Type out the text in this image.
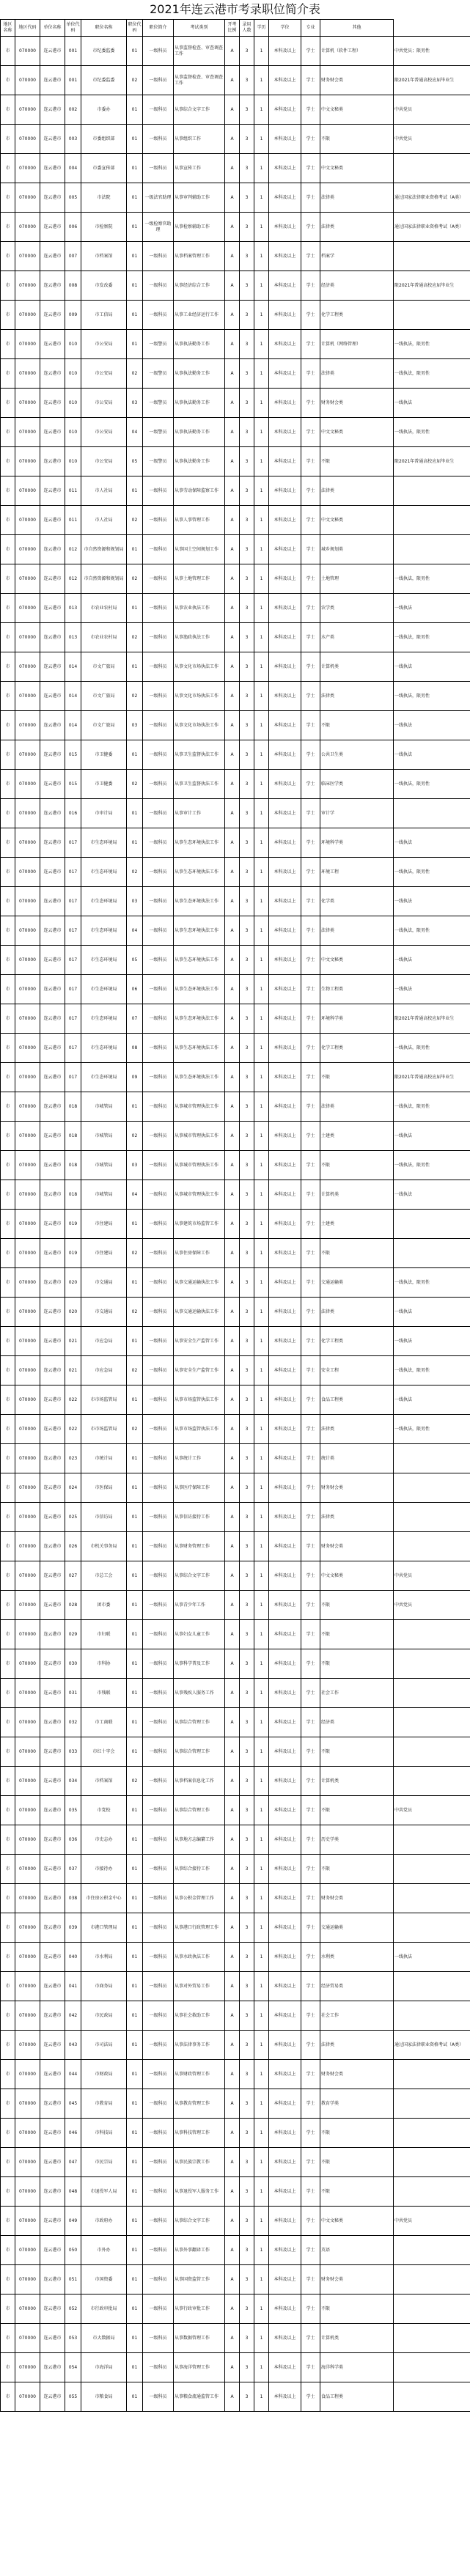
2021年连云港市考录职位简介表
地区名称	地区代码	单位名称	单位代码	职位名称	职位代码	职位简介	考试类别	开考比例	录用人数	学历	学位	专业	其他	
市	070000	连云港市	001	市纪委监委	01	一级科员	从事监督检查、审查调查工作	A	3	1	本科及以上	学士	计算机（软件工程）	中共党员；限男性
市	070000	连云港市	001	市纪委监委	02	一级科员	从事监督检查、审查调查工作	A	3	1	本科及以上	学士	财务财会类	限2021年普通高校应届毕业生
市	070000	连云港市	002	市委办	01	一级科员	从事综合文字工作	A	3	1	本科及以上	学士	中文文秘类	中共党员
市	070000	连云港市	003	市委组织部	01	一级科员	从事组织工作	A	3	1	本科及以上	学士	不限	中共党员
市	070000	连云港市	004	市委宣传部	01	一级科员	从事宣传工作	A	3	1	本科及以上	学士	中文文秘类	
市	070000	连云港市	005	市法院	01	一级法官助理	从事审判辅助工作	A	3	1	本科及以上	学士	法律类	通过国家法律职业资格考试（A类）
市	070000	连云港市	006	市检察院	01	一级检察官助理	从事检察辅助工作	A	3	1	本科及以上	学士	法律类	通过国家法律职业资格考试（A类）
市	070000	连云港市	007	市档案馆	01	一级科员	从事档案管理工作	A	3	1	本科及以上	学士	档案学	
市	070000	连云港市	008	市发改委	01	一级科员	从事经济综合工作	A	3	1	本科及以上	学士	经济类	限2021年普通高校应届毕业生
市	070000	连云港市	009	市工信局	01	一级科员	从事工业经济运行工作	A	3	1	本科及以上	学士	化学工程类	
市	070000	连云港市	010	市公安局	01	一级警员	从事执法勤务工作	A	3	1	本科及以上	学士	计算机（网络管理）	一线执法，限男性
市	070000	连云港市	010	市公安局	02	一级警员	从事执法勤务工作	A	3	1	本科及以上	学士	法律类	一线执法，限男性
市	070000	连云港市	010	市公安局	03	一级警员	从事执法勤务工作	A	3	1	本科及以上	学士	财务财会类	一线执法
市	070000	连云港市	010	市公安局	04	一级警员	从事执法勤务工作	A	3	1	本科及以上	学士	中文文秘类	一线执法，限男性
市	070000	连云港市	010	市公安局	05	一级警员	从事执法勤务工作	A	3	1	本科及以上	学士	不限	限2021年普通高校应届毕业生
市	070000	连云港市	011	市人社局	01	一级科员	从事劳动保障监察工作	A	3	1	本科及以上	学士	法律类	
市	070000	连云港市	011	市人社局	02	一级科员	从事人事管理工作	A	3	1	本科及以上	学士	中文文秘类	
市	070000	连云港市	012	市自然资源和规划局	01	一级科员	从事国土空间规划工作	A	3	1	本科及以上	学士	城乡规划类	
市	070000	连云港市	012	市自然资源和规划局	02	一级科员	从事土地管理工作	A	3	1	本科及以上	学士	土地管理	一线执法，限男性
市	070000	连云港市	013	市农业农村局	01	一级科员	从事农业执法工作	A	3	1	本科及以上	学士	农学类	一线执法
市	070000	连云港市	013	市农业农村局	02	一级科员	从事渔政执法工作	A	3	1	本科及以上	学士	水产类	一线执法，限男性
市	070000	连云港市	014	市文广旅局	01	一级科员	从事文化市场执法工作	A	3	1	本科及以上	学士	计算机类	一线执法
市	070000	连云港市	014	市文广旅局	02	一级科员	从事文化市场执法工作	A	3	1	本科及以上	学士	法律类	一线执法，限男性
市	070000	连云港市	014	市文广旅局	03	一级科员	从事文化市场执法工作	A	3	1	本科及以上	学士	不限	一线执法
市	070000	连云港市	015	市卫健委	01	一级科员	从事卫生监督执法工作	A	3	1	本科及以上	学士	公共卫生类	一线执法
市	070000	连云港市	015	市卫健委	02	一级科员	从事卫生监督执法工作	A	3	1	本科及以上	学士	临床医学类	一线执法，限男性
市	070000	连云港市	016	市审计局	01	一级科员	从事审计工作	A	3	1	本科及以上	学士	审计学	
市	070000	连云港市	017	市生态环境局	01	一级科员	从事生态环境执法工作	A	3	1	本科及以上	学士	环境科学类	一线执法
市	070000	连云港市	017	市生态环境局	02	一级科员	从事生态环境执法工作	A	3	1	本科及以上	学士	环境工程	一线执法，限男性
市	070000	连云港市	017	市生态环境局	03	一级科员	从事生态环境执法工作	A	3	1	本科及以上	学士	化学类	一线执法
市	070000	连云港市	017	市生态环境局	04	一级科员	从事生态环境执法工作	A	3	1	本科及以上	学士	法律类	一线执法，限男性
市	070000	连云港市	017	市生态环境局	05	一级科员	从事生态环境执法工作	A	3	1	本科及以上	学士	中文文秘类	一线执法
市	070000	连云港市	017	市生态环境局	06	一级科员	从事生态环境执法工作	A	3	1	本科及以上	学士	生物工程类	一线执法
市	070000	连云港市	017	市生态环境局	07	一级科员	从事生态环境执法工作	A	3	1	本科及以上	学士	环境科学类	限2021年普通高校应届毕业生
市	070000	连云港市	017	市生态环境局	08	一级科员	从事生态环境执法工作	A	3	1	本科及以上	学士	化学工程类	一线执法，限男性
市	070000	连云港市	017	市生态环境局	09	一级科员	从事生态环境执法工作	A	3	1	本科及以上	学士	不限	限2021年普通高校应届毕业生
市	070000	连云港市	018	市城管局	01	一级科员	从事城市管理执法工作	A	3	1	本科及以上	学士	法律类	一线执法，限男性
市	070000	连云港市	018	市城管局	02	一级科员	从事城市管理执法工作	A	3	1	本科及以上	学士	土建类	一线执法
市	070000	连云港市	018	市城管局	03	一级科员	从事城市管理执法工作	A	3	1	本科及以上	学士	不限	一线执法，限男性
市	070000	连云港市	018	市城管局	04	一级科员	从事城市管理执法工作	A	3	1	本科及以上	学士	计算机类	一线执法
市	070000	连云港市	019	市住建局	01	一级科员	从事建筑市场监管工作	A	3	1	本科及以上	学士	土建类	
市	070000	连云港市	019	市住建局	02	一级科员	从事住房保障工作	A	3	1	本科及以上	学士	不限	
市	070000	连云港市	020	市交通局	01	一级科员	从事交通运输执法工作	A	3	1	本科及以上	学士	交通运输类	一线执法，限男性
市	070000	连云港市	020	市交通局	02	一级科员	从事交通运输执法工作	A	3	1	本科及以上	学士	法律类	一线执法
市	070000	连云港市	021	市应急局	01	一级科员	从事安全生产监管工作	A	3	1	本科及以上	学士	化学工程类	一线执法
市	070000	连云港市	021	市应急局	02	一级科员	从事安全生产监管工作	A	3	1	本科及以上	学士	安全工程	一线执法，限男性
市	070000	连云港市	022	市市场监管局	01	一级科员	从事市场监管执法工作	A	3	1	本科及以上	学士	食品工程类	一线执法
市	070000	连云港市	022	市市场监管局	02	一级科员	从事市场监管执法工作	A	3	1	本科及以上	学士	法律类	一线执法，限男性
市	070000	连云港市	023	市统计局	01	一级科员	从事统计工作	A	3	1	本科及以上	学士	统计类	
市	070000	连云港市	024	市医保局	01	一级科员	从事医疗保障工作	A	3	1	本科及以上	学士	财务财会类	
市	070000	连云港市	025	市信访局	01	一级科员	从事信访接待工作	A	3	1	本科及以上	学士	法律类	
市	070000	连云港市	026	市机关事务局	01	一级科员	从事财务管理工作	A	3	1	本科及以上	学士	财务财会类	
市	070000	连云港市	027	市总工会	01	一级科员	从事综合文字工作	A	3	1	本科及以上	学士	中文文秘类	中共党员
市	070000	连云港市	028	团市委	01	一级科员	从事青少年工作	A	3	1	本科及以上	学士	不限	中共党员
市	070000	连云港市	029	市妇联	01	一级科员	从事妇女儿童工作	A	3	1	本科及以上	学士	不限	
市	070000	连云港市	030	市科协	01	一级科员	从事科学普及工作	A	3	1	本科及以上	学士	不限	
市	070000	连云港市	031	市残联	01	一级科员	从事残疾人服务工作	A	3	1	本科及以上	学士	社会工作	
市	070000	连云港市	032	市工商联	01	一级科员	从事综合管理工作	A	3	1	本科及以上	学士	经济类	
市	070000	连云港市	033	市红十字会	01	一级科员	从事综合管理工作	A	3	1	本科及以上	学士	不限	
市	070000	连云港市	034	市档案馆	02	一级科员	从事档案信息化工作	A	3	1	本科及以上	学士	计算机类	
市	070000	连云港市	035	市党校	01	一级科员	从事综合管理工作	A	3	1	本科及以上	学士	不限	中共党员
市	070000	连云港市	036	市史志办	01	一级科员	从事地方志编纂工作	A	3	1	本科及以上	学士	历史学类	
市	070000	连云港市	037	市接待办	01	一级科员	从事综合接待工作	A	3	1	本科及以上	学士	不限	
市	070000	连云港市	038	市住房公积金中心	01	一级科员	从事公积金管理工作	A	3	1	本科及以上	学士	财务财会类	
市	070000	连云港市	039	市港口管理局	01	一级科员	从事港口行政管理工作	A	3	1	本科及以上	学士	交通运输类	
市	070000	连云港市	040	市水利局	01	一级科员	从事水政执法工作	A	3	1	本科及以上	学士	水利类	一线执法
市	070000	连云港市	041	市商务局	01	一级科员	从事对外贸易工作	A	3	1	本科及以上	学士	经济贸易类	
市	070000	连云港市	042	市民政局	01	一级科员	从事社会救助工作	A	3	1	本科及以上	学士	社会工作	
市	070000	连云港市	043	市司法局	01	一级科员	从事法律事务工作	A	3	1	本科及以上	学士	法律类	通过国家法律职业资格考试（A类）
市	070000	连云港市	044	市财政局	01	一级科员	从事财政管理工作	A	3	1	本科及以上	学士	财务财会类	
市	070000	连云港市	045	市教育局	01	一级科员	从事教育管理工作	A	3	1	本科及以上	学士	教育学类	
市	070000	连云港市	046	市科技局	01	一级科员	从事科技管理工作	A	3	1	本科及以上	学士	不限	
市	070000	连云港市	047	市民宗局	01	一级科员	从事民族宗教工作	A	3	1	本科及以上	学士	不限	
市	070000	连云港市	048	市退役军人局	01	一级科员	从事退役军人服务工作	A	3	1	本科及以上	学士	不限	
市	070000	连云港市	049	市政府办	01	一级科员	从事综合文字工作	A	3	1	本科及以上	学士	中文文秘类	中共党员
市	070000	连云港市	050	市外办	01	一级科员	从事外事翻译工作	A	3	1	本科及以上	学士	英语	
市	070000	连云港市	051	市国资委	01	一级科员	从事国资监管工作	A	3	1	本科及以上	学士	财务财会类	
市	070000	连云港市	052	市行政审批局	01	一级科员	从事行政审批工作	A	3	1	本科及以上	学士	不限	
市	070000	连云港市	053	市大数据局	01	一级科员	从事数据管理工作	A	3	1	本科及以上	学士	计算机类	
市	070000	连云港市	054	市海洋局	01	一级科员	从事海洋管理工作	A	3	1	本科及以上	学士	海洋科学类	
市	070000	连云港市	055	市粮食局	01	一级科员	从事粮食流通监管工作	A	3	1	本科及以上	学士	食品工程类	
